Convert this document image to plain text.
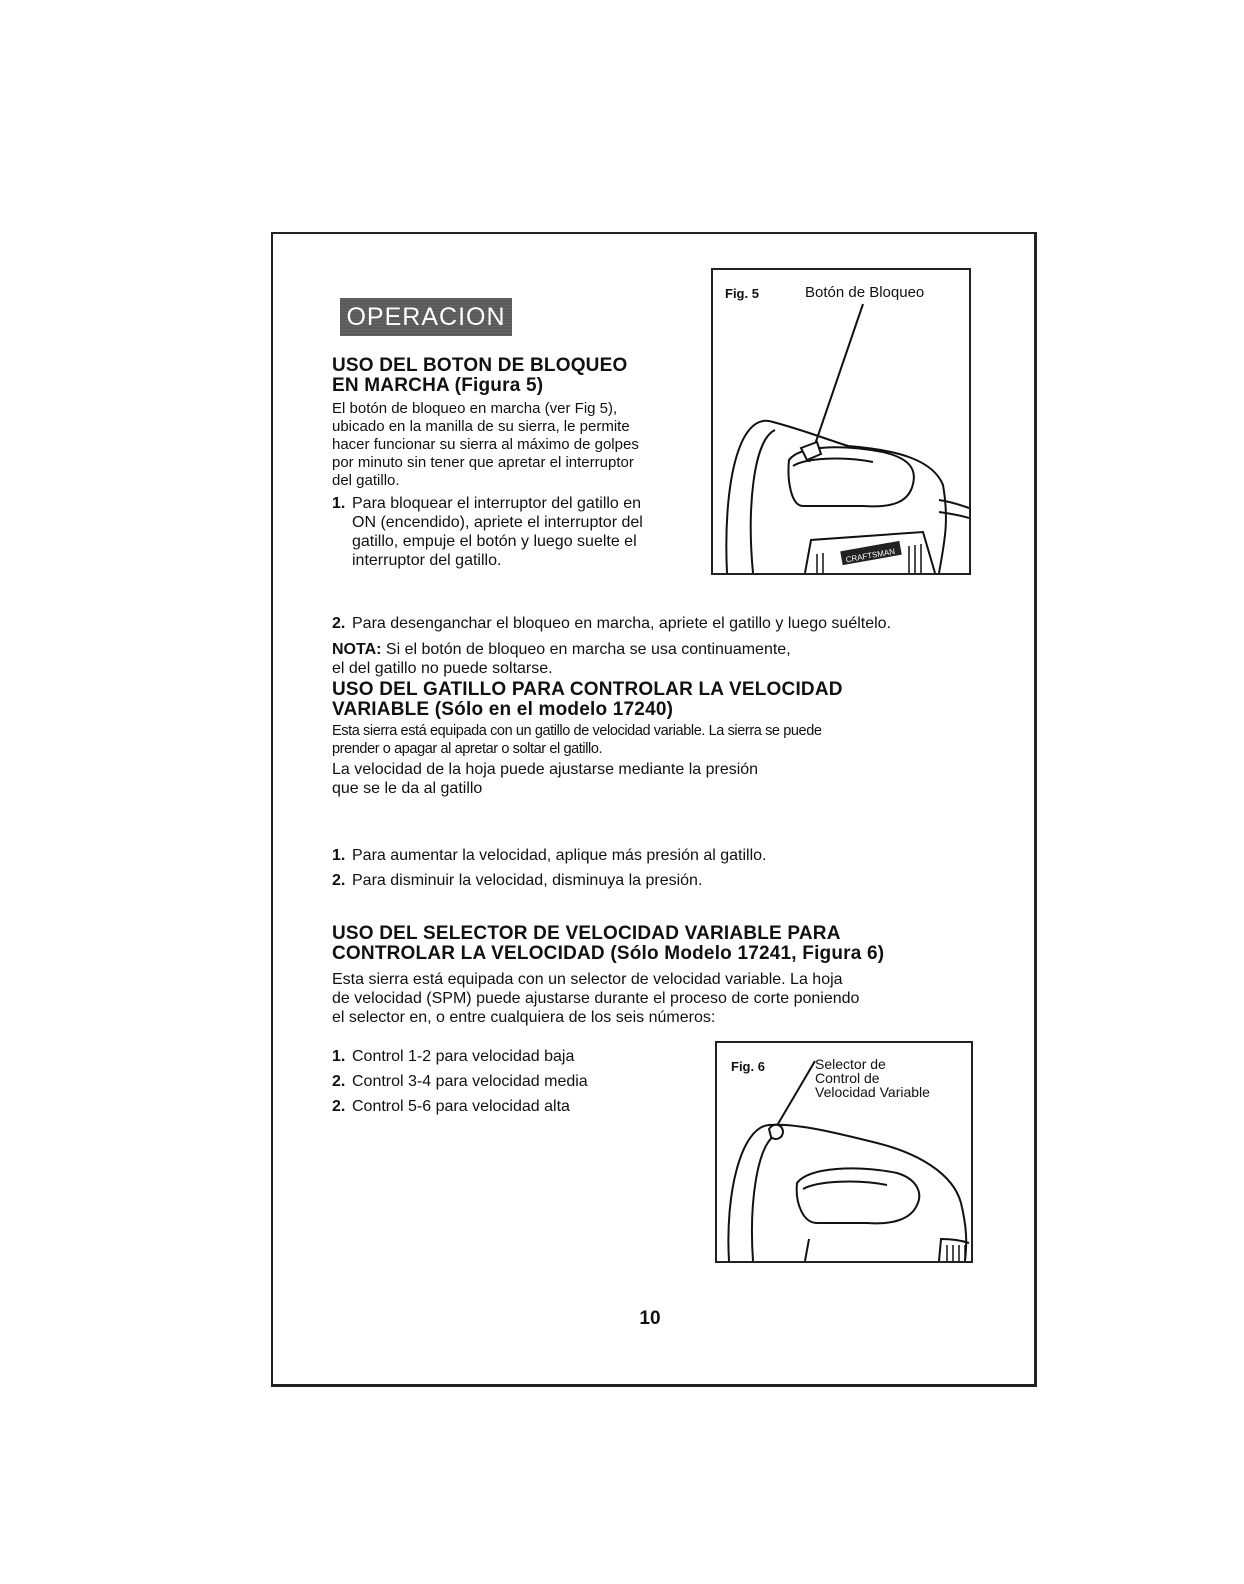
OPERACION
USO DEL BOTON DE BLOQUEO
EN MARCHA (Figura 5)
El botón de bloqueo en marcha (ver Fig 5),
ubicado en la manilla de su sierra, le permite
hacer funcionar su sierra al máximo de golpes
por minuto sin tener que apretar el interruptor
del gatillo.
1. Para bloquear el interruptor del gatillo en
ON (encendido), apriete el interruptor del
gatillo, empuje el botón y luego suelte el
interruptor del gatillo.
2. Para desenganchar el bloqueo en marcha, apriete el gatillo y luego suéltelo.
NOTA: Si el botón de bloqueo en marcha se usa continuamente,
el del gatillo no puede soltarse.
Fig. 5	Botón de Bloqueo
CRAFTSMAN
USO DEL GATILLO PARA CONTROLAR LA VELOCIDAD
VARIABLE (Sólo en el modelo 17240)
Esta sierra está equipada con un gatillo de velocidad variable. La sierra se puede
prender o apagar al apretar o soltar el gatillo.
La velocidad de la hoja puede ajustarse mediante la presión
que se le da al gatillo
1. Para aumentar la velocidad, aplique más presión al gatillo.
2. Para disminuir la velocidad, disminuya la presión.
USO DEL SELECTOR DE VELOCIDAD VARIABLE PARA
CONTROLAR LA VELOCIDAD (Sólo Modelo 17241, Figura 6)
Esta sierra está equipada con un selector de velocidad variable. La hoja
de velocidad (SPM) puede ajustarse durante el proceso de corte poniendo
el selector en, o entre cualquiera de los seis números:
1. Control 1-2 para velocidad baja
2. Control 3-4 para velocidad media
2. Control 5-6 para velocidad alta
Fig. 6	Selector de
Control de
Velocidad Variable
10
